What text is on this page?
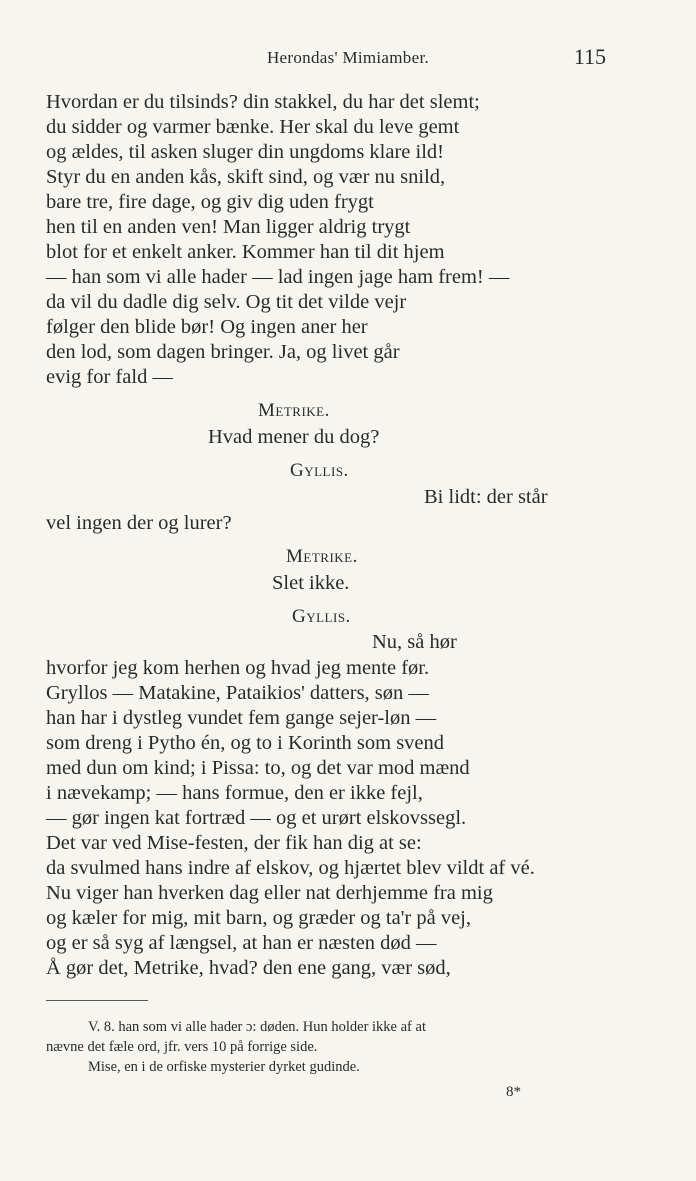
Herondas' Mimiamber.	115
Hvordan er du tilsinds? din stakkel, du har det slemt;
du sidder og varmer bænke. Her skal du leve gemt
og ældes, til asken sluger din ungdoms klare ild!
Styr du en anden kås, skift sind, og vær nu snild,
bare tre, fire dage, og giv dig uden frygt
hen til en anden ven! Man ligger aldrig trygt
blot for et enkelt anker. Kommer han til dit hjem
— han som vi alle hader — lad ingen jage ham frem! —
da vil du dadle dig selv. Og tit det vilde vejr
følger den blide bør! Og ingen aner her
den lod, som dagen bringer. Ja, og livet går
evig for fald —
Metrike.
Hvad mener du dog?
Gyllis.
Bi lidt: der står
vel ingen der og lurer?
Metrike.
Slet ikke.
Gyllis.
Nu, så hør
hvorfor jeg kom herhen og hvad jeg mente før.
Gryllos — Matakine, Pataikios' datters, søn —
han har i dystleg vundet fem gange sejer-løn —
som dreng i Pytho én, og to i Korinth som svend
med dun om kind; i Pissa: to, og det var mod mænd
i nævekamp; — hans formue, den er ikke fejl,
— gør ingen kat fortræd — og et urørt elskovssegl.
Det var ved Mise-festen, der fik han dig at se:
da svulmed hans indre af elskov, og hjærtet blev vildt af vé.
Nu viger han hverken dag eller nat derhjemme fra mig
og kæler for mig, mit barn, og græder og ta'r på vej,
og er så syg af længsel, at han er næsten død —
Å gør det, Metrike, hvad? den ene gang, vær sød,
V. 8. han som vi alle hader ɔ: døden. Hun holder ikke af at
nævne det fæle ord, jfr. vers 10 på forrige side.
Mise, en i de orfiske mysterier dyrket gudinde.
8*
